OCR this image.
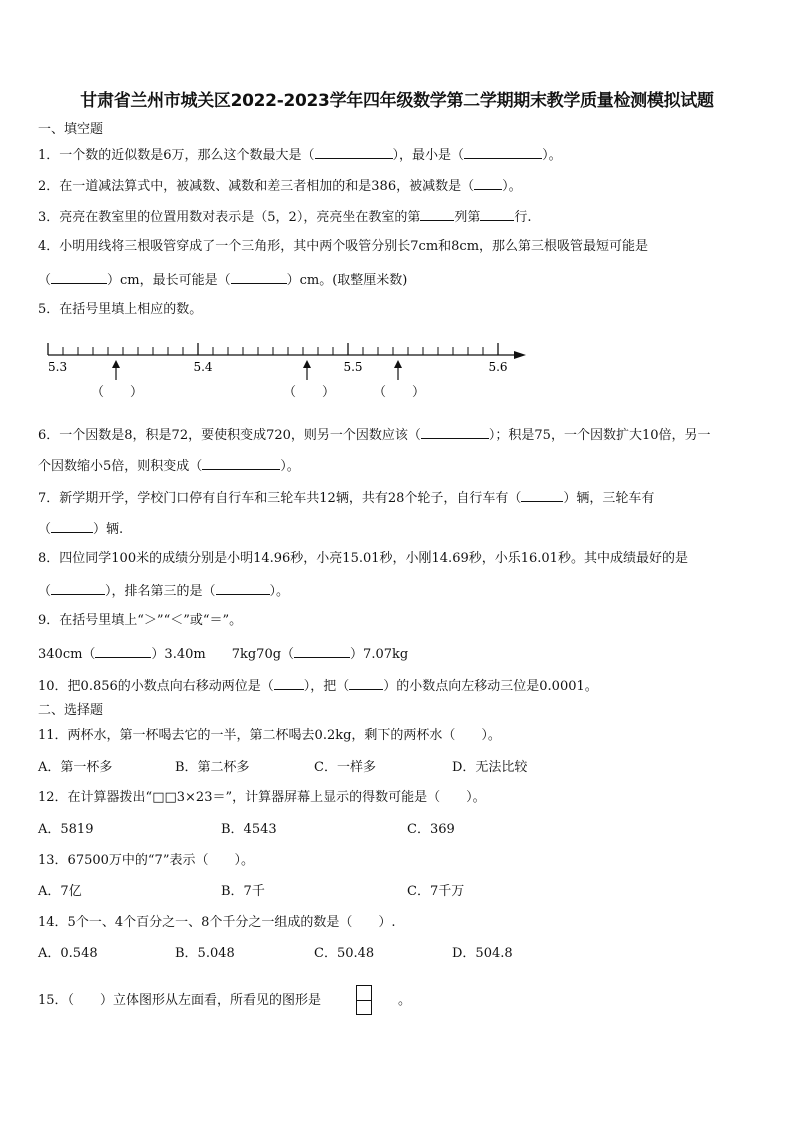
甘肃省兰州市城关区2022-2023学年四年级数学第二学期期末教学质量检测模拟试题
一、填空题
1．一个数的近似数是6万，那么这个数最大是（	），最小是（	）。
2．在一道减法算式中，被减数、减数和差三者相加的和是386，被减数是（ ）。
3．亮亮在教室里的位置用数对表示是（5，2），亮亮坐在教室的第	列第	行.
4．小明用线将三根吸管穿成了一个三角形，其中两个吸管分别长7cm和8cm，那么第三根吸管最短可能是
（	）cm，最长可能是（	）cm。(取整厘米数)
5．在括号里填上相应的数。
5.3	5.4	5.5	5.6
（　　）	（　　）	（　　）
6．一个因数是8，积是72，要使积变成720，则另一个因数应该（	）；积是75，一个因数扩大10倍，另一
个因数缩小5倍，则积变成（	）。
7．新学期开学，学校门口停有自行车和三轮车共12辆，共有28个轮子，自行车有（	）辆，三轮车有
（	）辆.
8．四位同学100米的成绩分别是小明14.96秒，小亮15.01秒，小刚14.69秒，小乐16.01秒。其中成绩最好的是
（	），排名第三的是（	）。
9．在括号里填上“＞”“＜”或“＝”。
340cm（	）3.40m 7kg70g（	）7.07kg
10．把0.856的小数点向右移动两位是（ ），把（	）的小数点向左移动三位是0.0001。
二、选择题
11．两杯水，第一杯喝去它的一半，第二杯喝去0.2kg，剩下的两杯水（　　）。
A．第一杯多	B．第二杯多	C．一样多	D．无法比较
12．在计算器拨出“□□3×23＝”，计算器屏幕上显示的得数可能是（　　）。
A．5819	B．4543	C．369
13．67500万中的“7”表示（　　）。
A．7亿	B．7千	C．7千万
14．5个一、4个百分之一、8个千分之一组成的数是（　　）.
A．0.548	B．5.048	C．50.48	D．504.8
15．（　　）立体图形从左面看，所看见的图形是	。
